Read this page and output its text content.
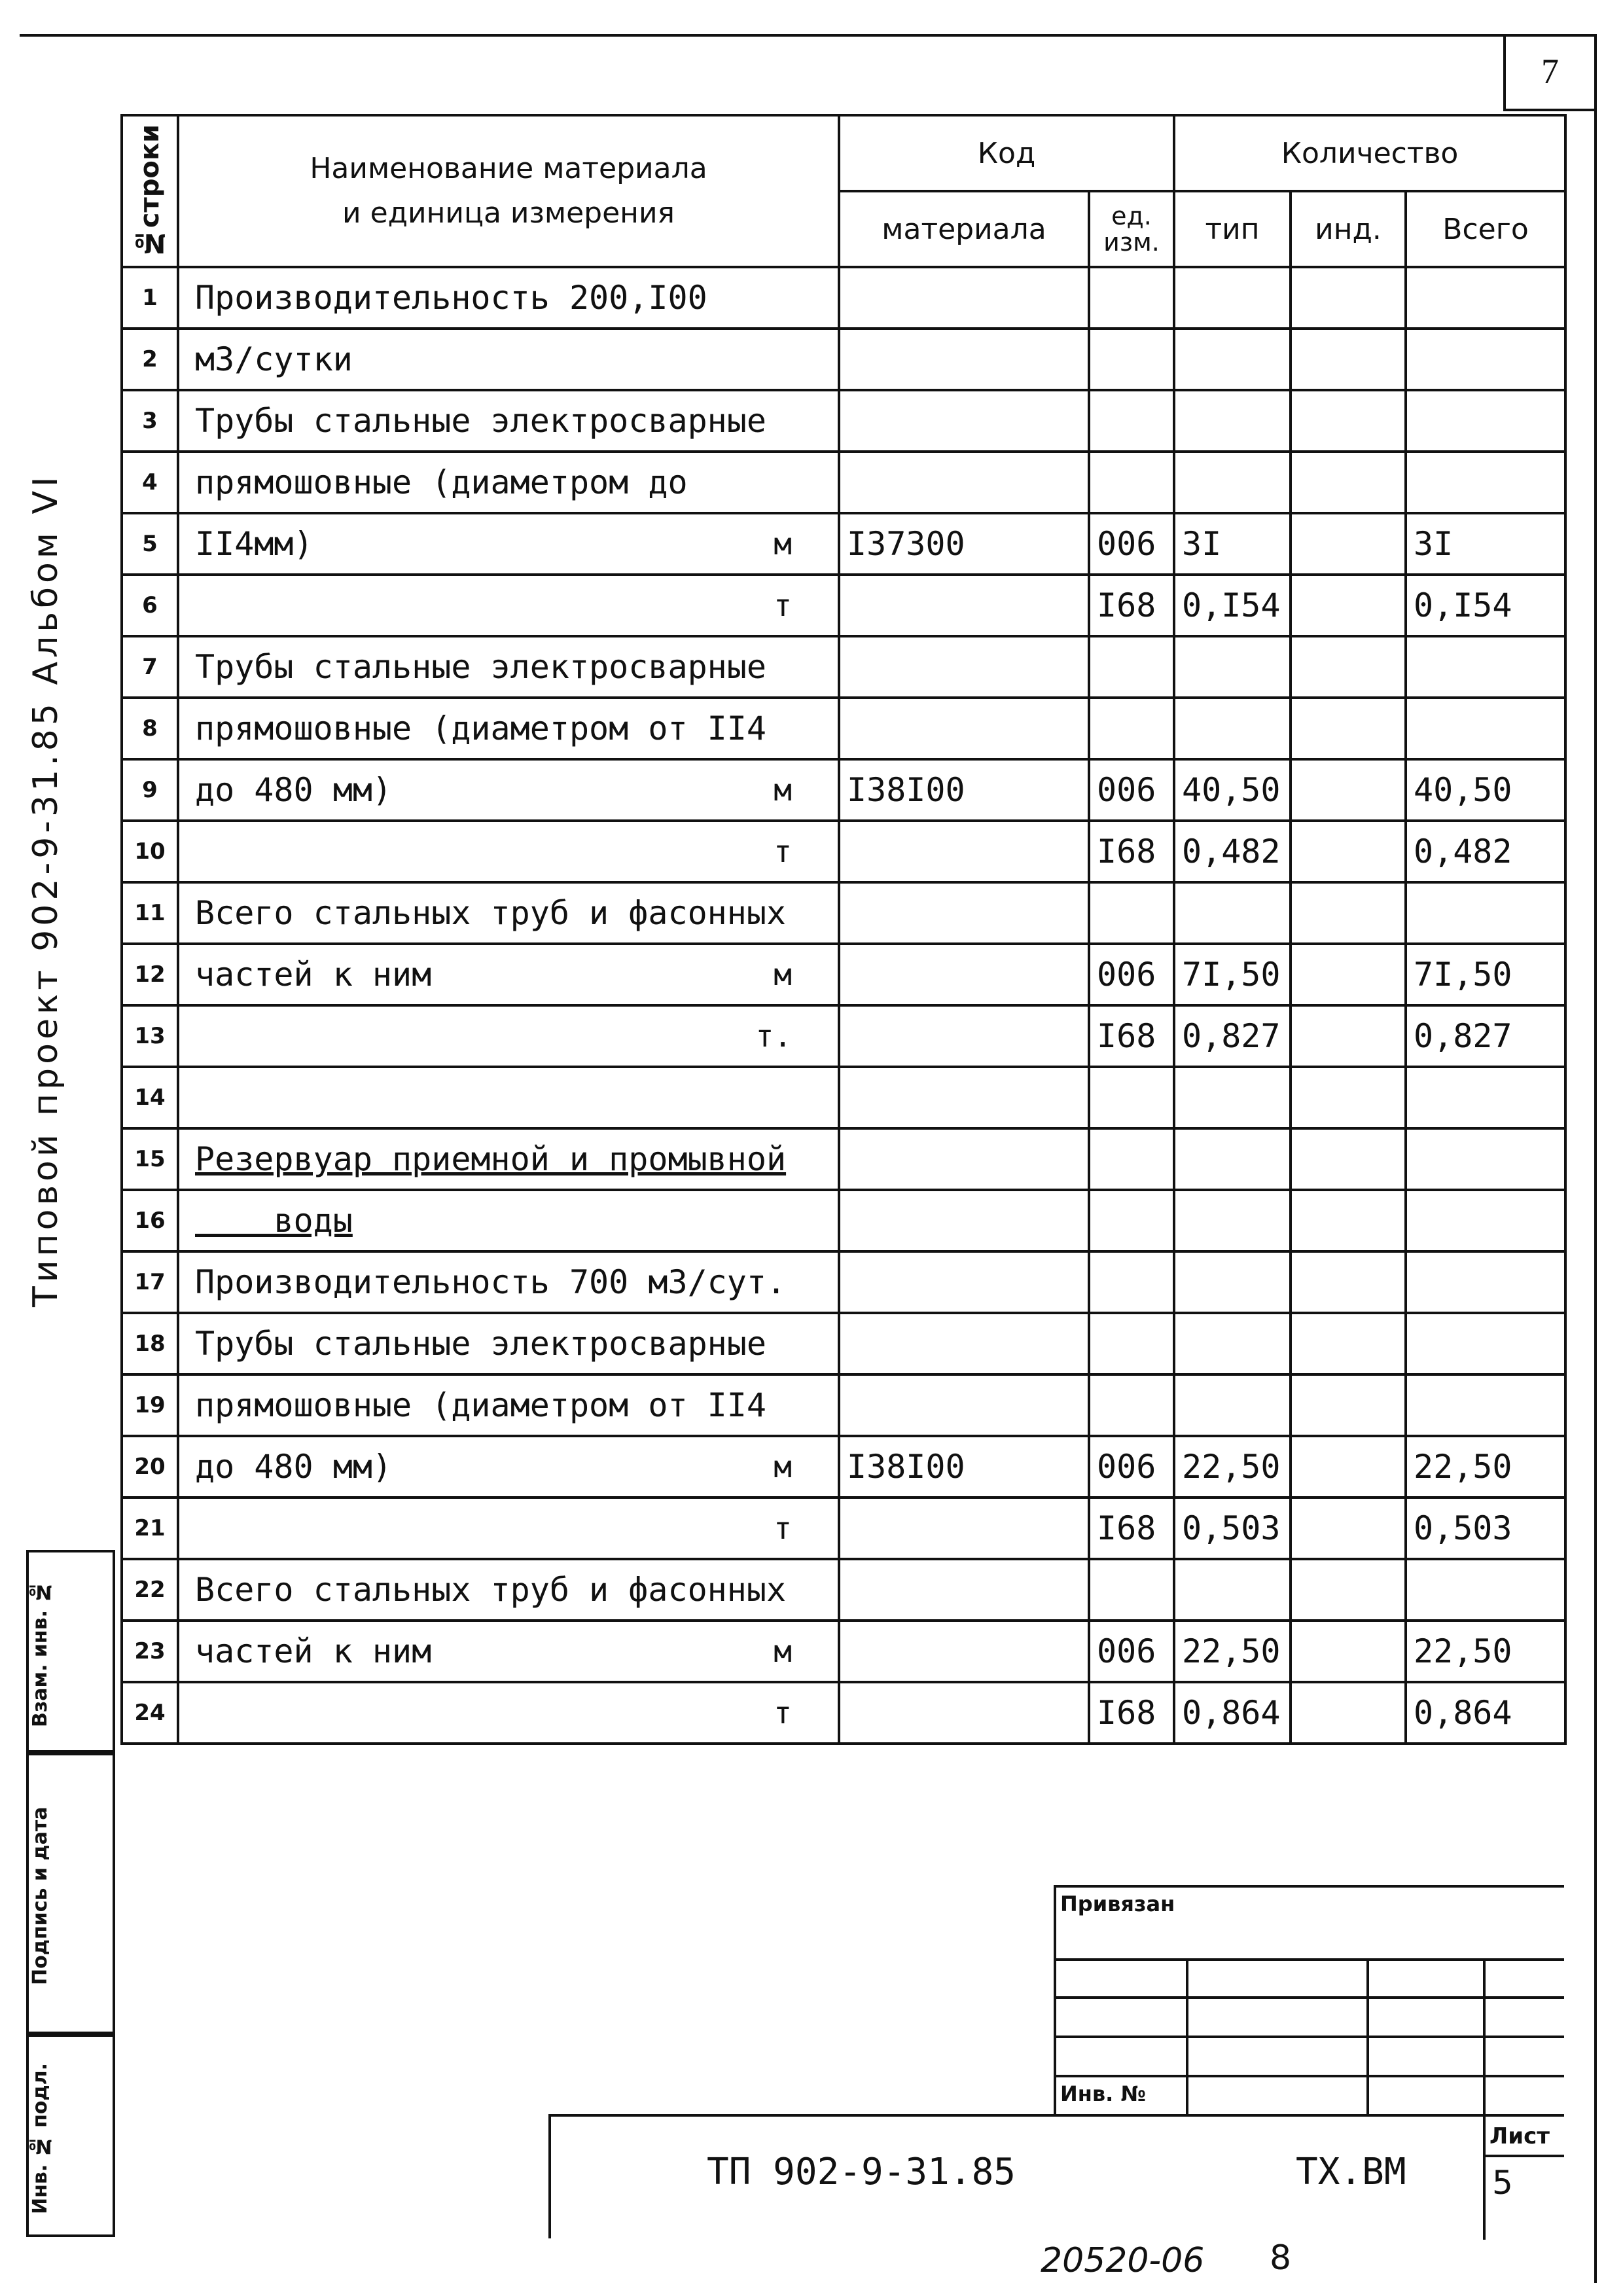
7
Типовой проект 902-9-31.85 Альбом VI
Взам. инв. №
Подпись и дата
Инв. № подл.
№строки	Наименование материала и единица измерения	Код		Количество		
		материала	ед. изм.	тип	инд.	Всего
1	Производительность 200,I00

2	м3/сутки

3	Трубы стальные электросварные

4	прямошовные (диаметром до

5	II4мм) м	I37300	006	3I		3I
6	т		I68	0,I54		0,I54
7	Трубы стальные электросварные

8	прямошовные (диаметром от II4

9	до 480 мм) м	I38I00	006	40,50		40,50
10	т		I68	0,482		0,482
11	Всего стальных труб и фасонных

12	частей к ним м		006	7I,50		7I,50
13	т.		I68	0,827		0,827
14	

15	Резервуар приемной и промывной

16	воды

17	Производительность 700 м3/сут.

18	Трубы стальные электросварные

19	прямошовные (диаметром от II4

20	до 480 мм) м	I38I00	006	22,50		22,50
21	т		I68	0,503		0,503
22	Всего стальных труб и фасонных

23	частей к ним м		006	22,50		22,50
24	т		I68	0,864		0,864
Привязан
Инв. №
Лист
5
ТП 902-9-31.85	ТХ.ВМ
20520-06 8
